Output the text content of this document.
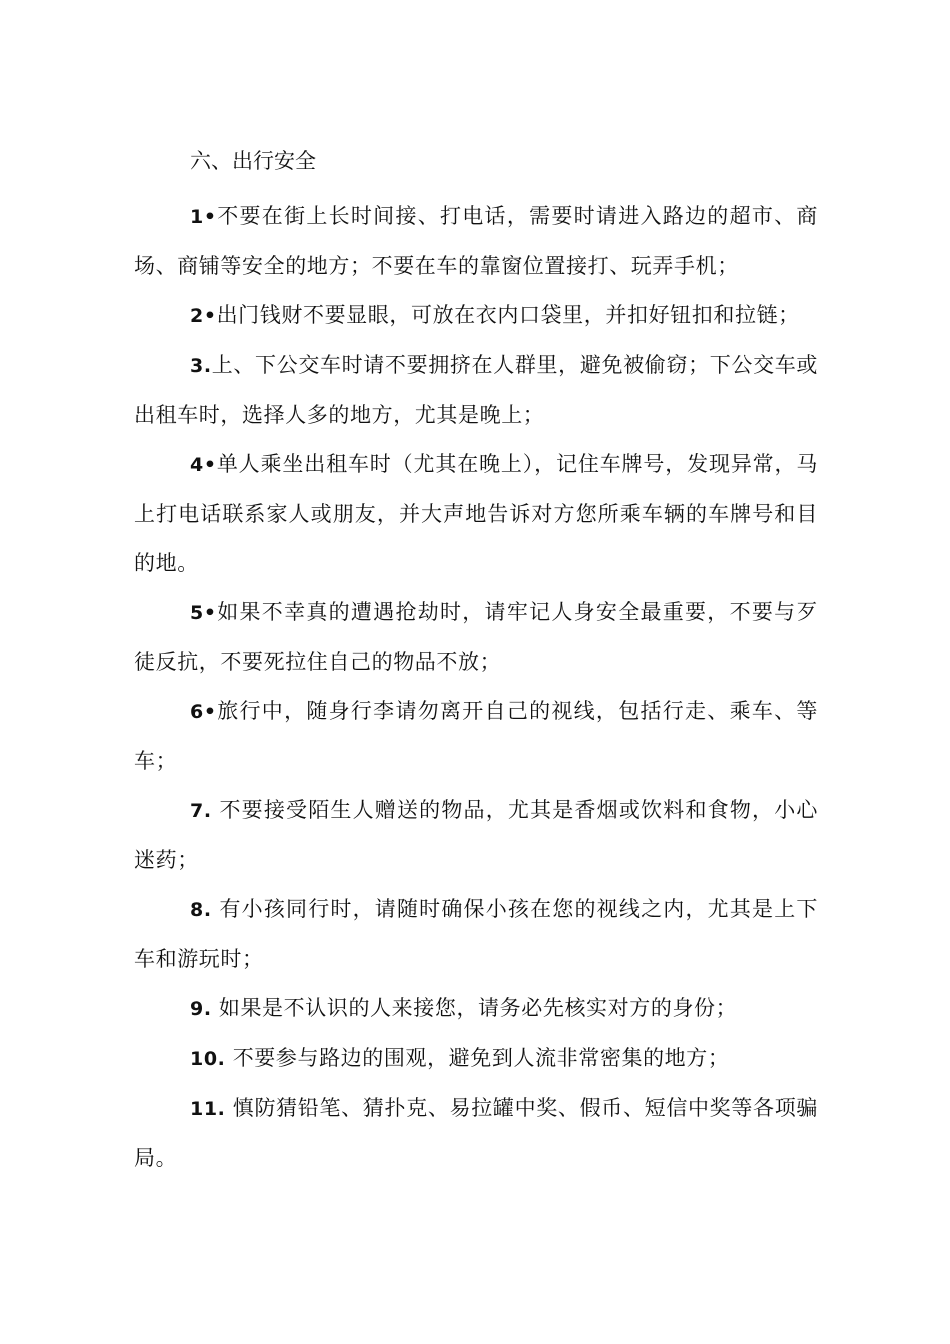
六、出行安全

1•不要在街上长时间接、打电话，需要时请进入路边的超市、商场、商铺等安全的地方；不要在车的靠窗位置接打、玩弄手机；

2•出门钱财不要显眼，可放在衣内口袋里，并扣好钮扣和拉链；

3.上、下公交车时请不要拥挤在人群里，避免被偷窃；下公交车或出租车时，选择人多的地方，尤其是晚上；

4•单人乘坐出租车时（尤其在晚上），记住车牌号，发现异常，马上打电话联系家人或朋友，并大声地告诉对方您所乘车辆的车牌号和目的地。

5•如果不幸真的遭遇抢劫时，请牢记人身安全最重要，不要与歹徒反抗，不要死拉住自己的物品不放；

6•旅行中，随身行李请勿离开自己的视线，包括行走、乘车、等车；

7. 不要接受陌生人赠送的物品，尤其是香烟或饮料和食物，小心迷药；

8. 有小孩同行时，请随时确保小孩在您的视线之内，尤其是上下车和游玩时；

9. 如果是不认识的人来接您，请务必先核实对方的身份；

10. 不要参与路边的围观，避免到人流非常密集的地方；

11. 慎防猜铅笔、猜扑克、易拉罐中奖、假币、短信中奖等各项骗局。
